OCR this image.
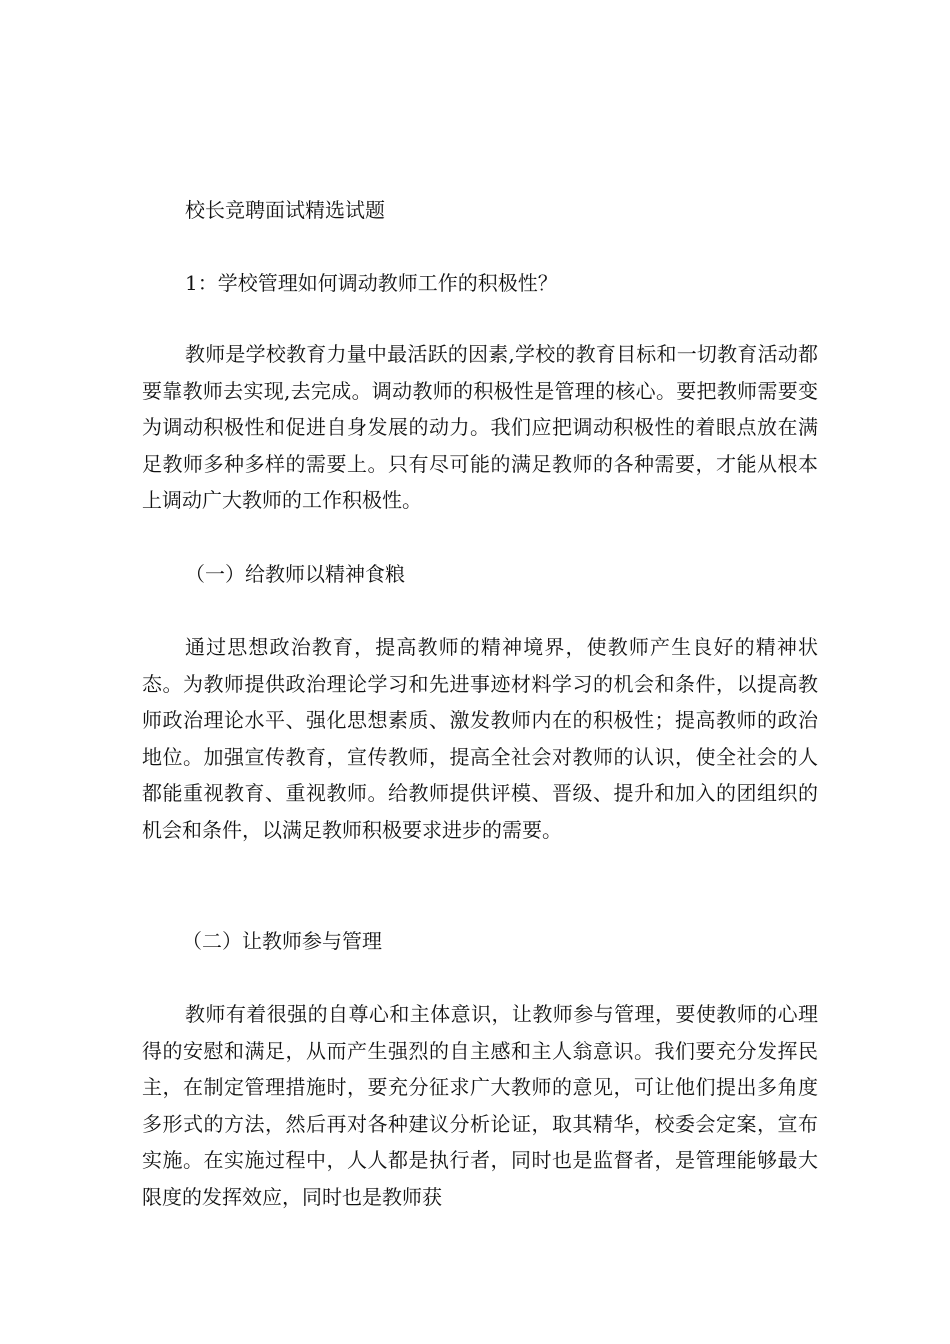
校长竞聘面试精选试题

1：学校管理如何调动教师工作的积极性？

教师是学校教育力量中最活跃的因素,学校的教育目标和一切教育活动都要靠教师去实现,去完成。调动教师的积极性是管理的核心。要把教师需要变为调动积极性和促进自身发展的动力。我们应把调动积极性的着眼点放在满足教师多种多样的需要上。只有尽可能的满足教师的各种需要，才能从根本上调动广大教师的工作积极性。

（一）给教师以精神食粮

通过思想政治教育，提高教师的精神境界，使教师产生良好的精神状态。为教师提供政治理论学习和先进事迹材料学习的机会和条件，以提高教师政治理论水平、强化思想素质、激发教师内在的积极性；提高教师的政治地位。加强宣传教育，宣传教师，提高全社会对教师的认识，使全社会的人都能重视教育、重视教师。给教师提供评模、晋级、提升和加入的团组织的机会和条件，以满足教师积极要求进步的需要。

（二）让教师参与管理

教师有着很强的自尊心和主体意识，让教师参与管理，要使教师的心理得的安慰和满足，从而产生强烈的自主感和主人翁意识。我们要充分发挥民主，在制定管理措施时，要充分征求广大教师的意见，可让他们提出多角度多形式的方法，然后再对各种建议分析论证，取其精华，校委会定案，宣布实施。在实施过程中，人人都是执行者，同时也是监督者，是管理能够最大限度的发挥效应，同时也是教师获
